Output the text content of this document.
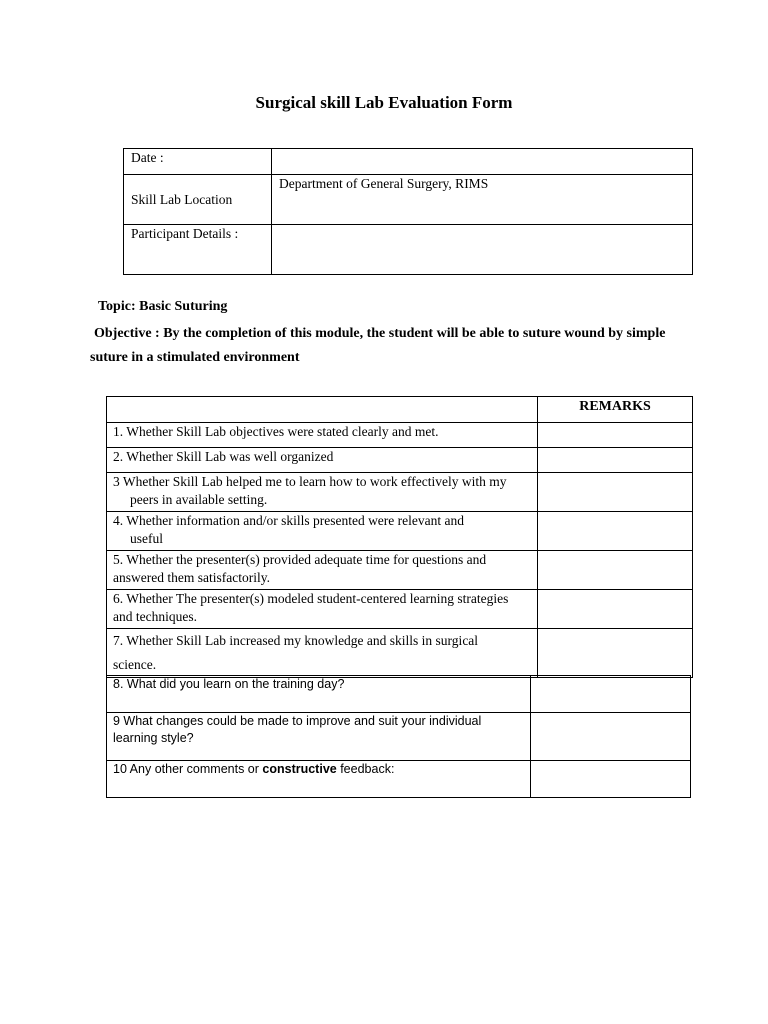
Surgical skill Lab Evaluation Form
Date :	
Skill Lab Location	Department of General Surgery, RIMS
Participant Details :	
Topic: Basic Suturing
Objective : By the completion of this module, the student will be able to suture wound by simple
suture in a stimulated environment
	REMARKS
1. Whether Skill Lab objectives were stated clearly and met.	
2. Whether Skill Lab was well organized	
3 Whether Skill Lab helped me to learn how to work effectively with my
peers in available setting.	

4. Whether information and/or skills presented were relevant and
useful	

5. Whether the presenter(s) provided adequate time for questions and
answered them satisfactorily.	
6. Whether The presenter(s) modeled student-centered learning strategies
and techniques.	
7. Whether Skill Lab increased my knowledge and skills in surgical
science.	
8. What did you learn on the training day?	
9 What changes could be made to improve and suit your individual
learning style?	
10 Any other comments or constructive feedback:	
